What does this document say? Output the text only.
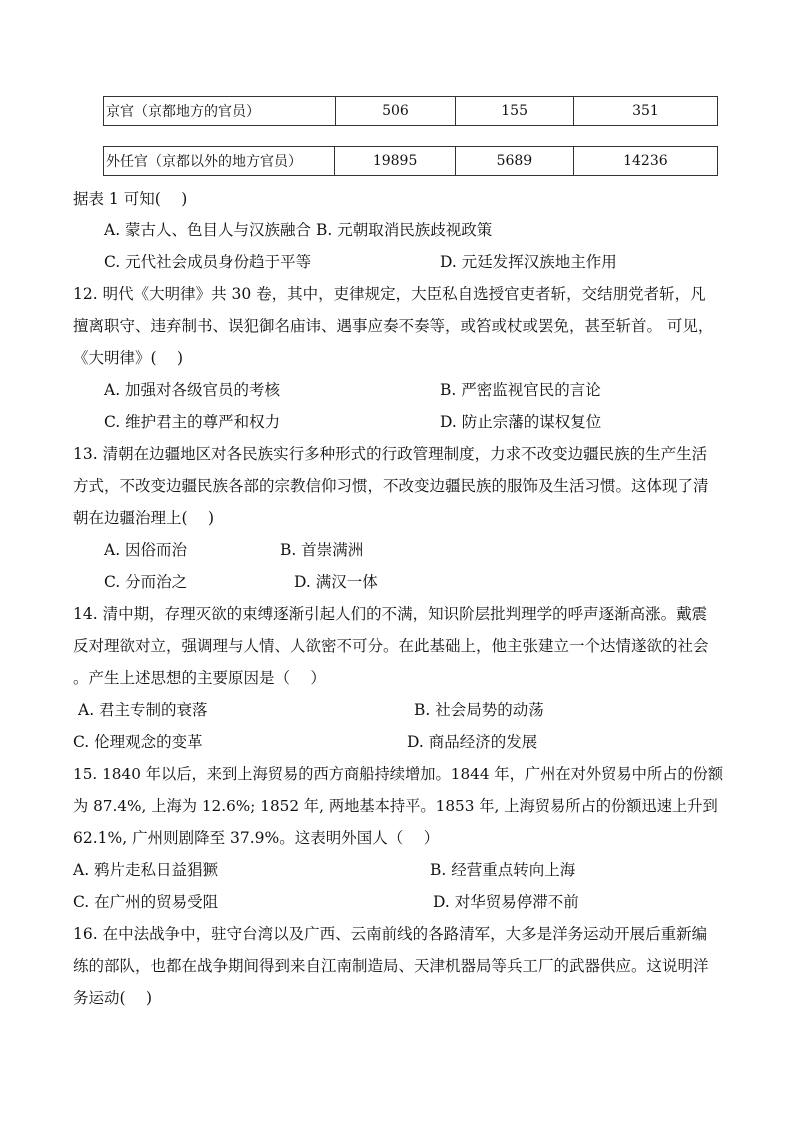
京官（京都地方的官员）	506	155	351
外任官（京都以外的地方官员）	19895	5689	14236
据表 1 可知(　 )
A. 蒙古人、色目人与汉族融合 B. 元朝取消民族歧视政策
C. 元代社会成员身份趋于平等	D. 元廷发挥汉族地主作用
12. 明代《大明律》共 30 卷，其中，吏律规定，大臣私自选授官吏者斩，交结朋党者斩，凡
擅离职守、违弃制书、误犯御名庙讳、遇事应奏不奏等，或笞或杖或罢免，甚至斩首。 可见，
《大明律》(　 )
A. 加强对各级官员的考核	B. 严密监视官民的言论
C. 维护君主的尊严和权力	D. 防止宗藩的谋权复位
13. 清朝在边疆地区对各民族实行多种形式的行政管理制度，力求不改变边疆民族的生产生活
方式，不改变边疆民族各部的宗教信仰习惯，不改变边疆民族的服饰及生活习惯。这体现了清
朝在边疆治理上(　 )
A. 因俗而治	B. 首崇满洲
C. 分而治之	D. 满汉一体
14. 清中期，存理灭欲的束缚逐渐引起人们的不满，知识阶层批判理学的呼声逐渐高涨。戴震
反对理欲对立，强调理与人情、人欲密不可分。在此基础上，他主张建立一个达情遂欲的社会
。产生上述思想的主要原因是（　 ）
A. 君主专制的衰落	B. 社会局势的动荡
C. 伦理观念的变革	D. 商品经济的发展
15. 1840 年以后，来到上海贸易的西方商船持续增加。1844 年，广州在对外贸易中所占的份额
为 87.4%, 上海为 12.6%; 1852 年, 两地基本持平。1853 年, 上海贸易所占的份额迅速上升到
62.1%, 广州则剧降至 37.9%。这表明外国人（　 ）
A. 鸦片走私日益猖獗	B. 经营重点转向上海
C. 在广州的贸易受阻	D. 对华贸易停滞不前
16. 在中法战争中，驻守台湾以及广西、云南前线的各路清军，大多是洋务运动开展后重新编
练的部队，也都在战争期间得到来自江南制造局、天津机器局等兵工厂的武器供应。这说明洋
务运动(　 )
